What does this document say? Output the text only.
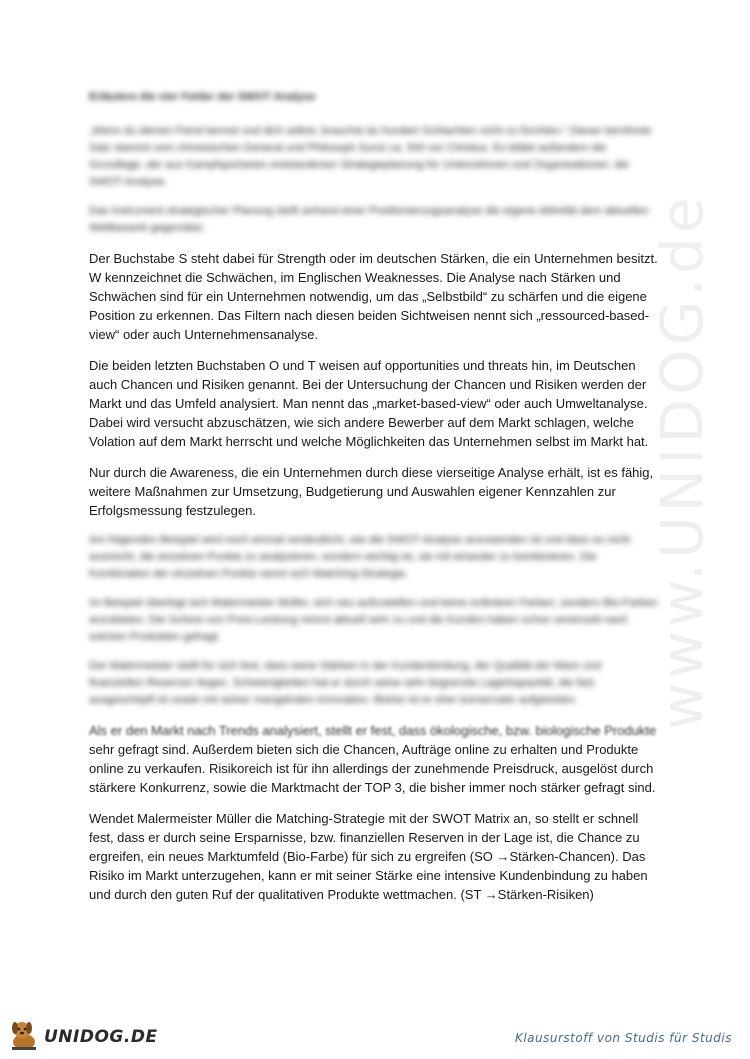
www.UNIDOG.de
Erläutere die vier Felder der SWOT Analyse

„Wenn du deinen Feind kennst und dich selbst, brauchst du hundert Schlachten nicht zu fürchten.“ Dieser berühmte Satz stammt vom chinesischen General und Philosoph Sunzi ca. 500 vor Christus. Es bildet außerdem die Grundlage, der aus Kampfsportarten entstandenen Strategieplanung für Unternehmen und Organisationen: die SWOT-Analyse.

Das Instrument strategischer Planung stellt anhand einer Positionierungsanalyse die eigene Aktivität dem aktuellen Wettbewerb gegenüber.

Der Buchstabe S steht dabei für Strength oder im deutschen Stärken, die ein Unternehmen besitzt. W kennzeichnet die Schwächen, im Englischen Weaknesses. Die Analyse nach Stärken und Schwächen sind für ein Unternehmen notwendig, um das „Selbstbild“ zu schärfen und die eigene Position zu erkennen. Das Filtern nach diesen beiden Sichtweisen nennt sich „ressourced-based-view“ oder auch Unternehmensanalyse.

Die beiden letzten Buchstaben O und T weisen auf opportunities und threats hin, im Deutschen auch Chancen und Risiken genannt. Bei der Untersuchung der Chancen und Risiken werden der Markt und das Umfeld analysiert. Man nennt das „market-based-view“ oder auch Umweltanalyse. Dabei wird versucht abzuschätzen, wie sich andere Bewerber auf dem Markt schlagen, welche Volation auf dem Markt herrscht und welche Möglichkeiten das Unternehmen selbst im Markt hat.

Nur durch die Awareness, die ein Unternehmen durch diese vierseitige Analyse erhält, ist es fähig, weitere Maßnahmen zur Umsetzung, Budgetierung und Auswahlen eigener Kennzahlen zur Erfolgsmessung festzulegen.

Am folgenden Beispiel wird noch einmal verdeutlicht, wie die SWOT-Analyse anzuwenden ist und dass es nicht ausreicht, die einzelnen Punkte zu analysieren, sondern wichtig ist, sie mit einander zu kombinieren. Die Kombination der einzelnen Punkte nennt sich Matching-Strategie.

Im Beispiel überlegt sich Malermeister Müller, sich neu aufzustellen und keine ordinären Farben, sondern Bio-Farben anzubieten. Die Schere von Preis-Leistung nimmt aktuell sehr zu und die Kunden haben schon vereinzelt nach solchen Produkten gefragt.

Der Malermeister stellt für sich fest, dass seine Stärken in der Kundenbindung, der Qualität der Ware und finanziellen Reserven liegen. Schwierigkeiten hat er durch seine sehr begrenzte Lagerkapazität, die fast ausgeschöpft ist sowie mit seiner mangelnden Innovation. Bisher ist er eher konservativ aufgetreten.

Als er den Markt nach Trends analysiert, stellt er fest, dass ökologische, bzw. biologische Produkte
sehr gefragt sind. Außerdem bieten sich die Chancen, Aufträge online zu erhalten und Produkte online zu verkaufen. Risikoreich ist für ihn allerdings der zunehmende Preisdruck, ausgelöst durch stärkere Konkurrenz, sowie die Marktmacht der TOP 3, die bisher immer noch stärker gefragt sind.

Wendet Malermeister Müller die Matching-Strategie mit der SWOT Matrix an, so stellt er schnell fest, dass er durch seine Ersparnisse, bzw. finanziellen Reserven in der Lage ist, die Chance zu ergreifen, ein neues Marktumfeld (Bio-Farbe) für sich zu ergreifen (SO →Stärken-Chancen). Das Risiko im Markt unterzugehen, kann er mit seiner Stärke eine intensive Kundenbindung zu haben und durch den guten Ruf der qualitativen Produkte wettmachen. (ST →Stärken-Risiken)

UNIDOG.DE	Klausurstoff von Studis für Studis
